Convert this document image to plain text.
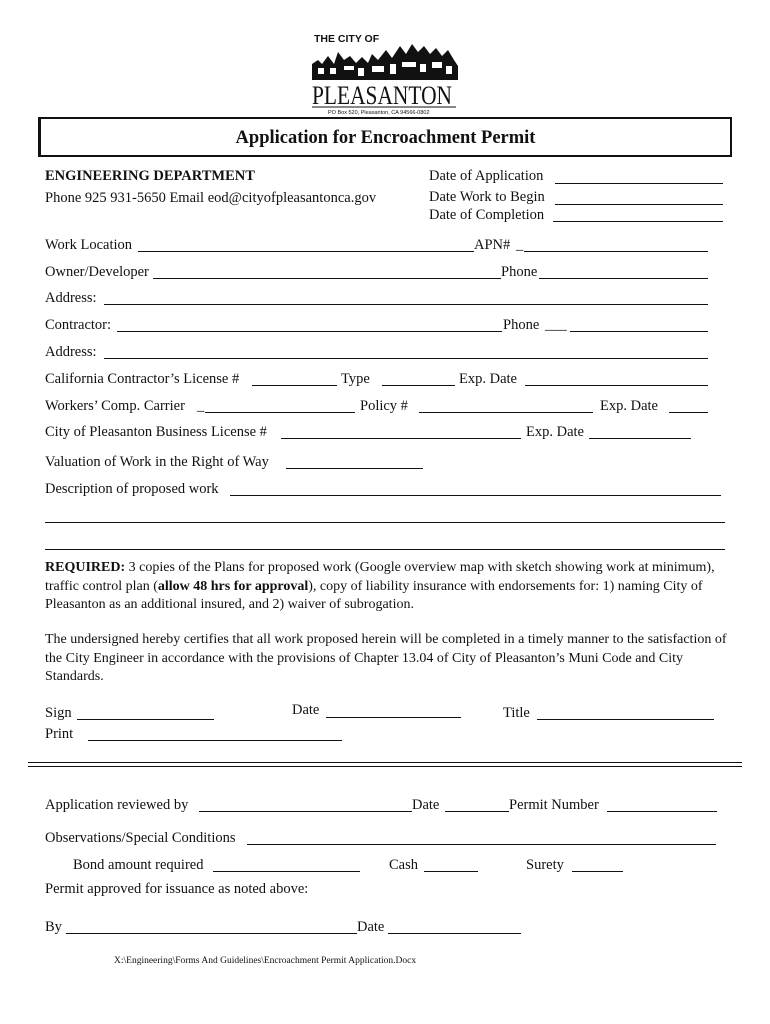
THE CITY OF
PLEASANTON
PO Box 520, Pleasanton, CA 94566-0802
Application for Encroachment Permit
ENGINEERING DEPARTMENT
Phone 925 931-5650 Email eod@cityofpleasantonca.gov
Date of Application
Date Work to Begin
Date of Completion
Work Location	APN# _
Owner/Developer	Phone
Address:
Contractor:	Phone ___
Address:
California Contractor’s License #	Type	Exp. Date
Workers’ Comp. Carrier _	Policy #	Exp. Date
City of Pleasanton Business License #	Exp. Date
Valuation of Work in the Right of Way
Description of proposed work
REQUIRED: 3 copies of the Plans for proposed work (Google overview map with sketch showing work at minimum), traffic control plan (allow 48 hrs for approval), copy of liability insurance with endorsements for: 1) naming City of Pleasanton as an additional insured, and 2) waiver of subrogation.
The undersigned hereby certifies that all work proposed herein will be completed in a timely manner to the satisfaction of the City Engineer in accordance with the provisions of Chapter 13.04 of City of Pleasanton’s Muni Code and City Standards.
Sign	Date	Title
Print
Application reviewed by	Date	Permit Number
Observations/Special Conditions
Bond amount required	Cash	Surety
Permit approved for issuance as noted above:
By	Date
X:\Engineering\Forms And Guidelines\Encroachment Permit Application.Docx
